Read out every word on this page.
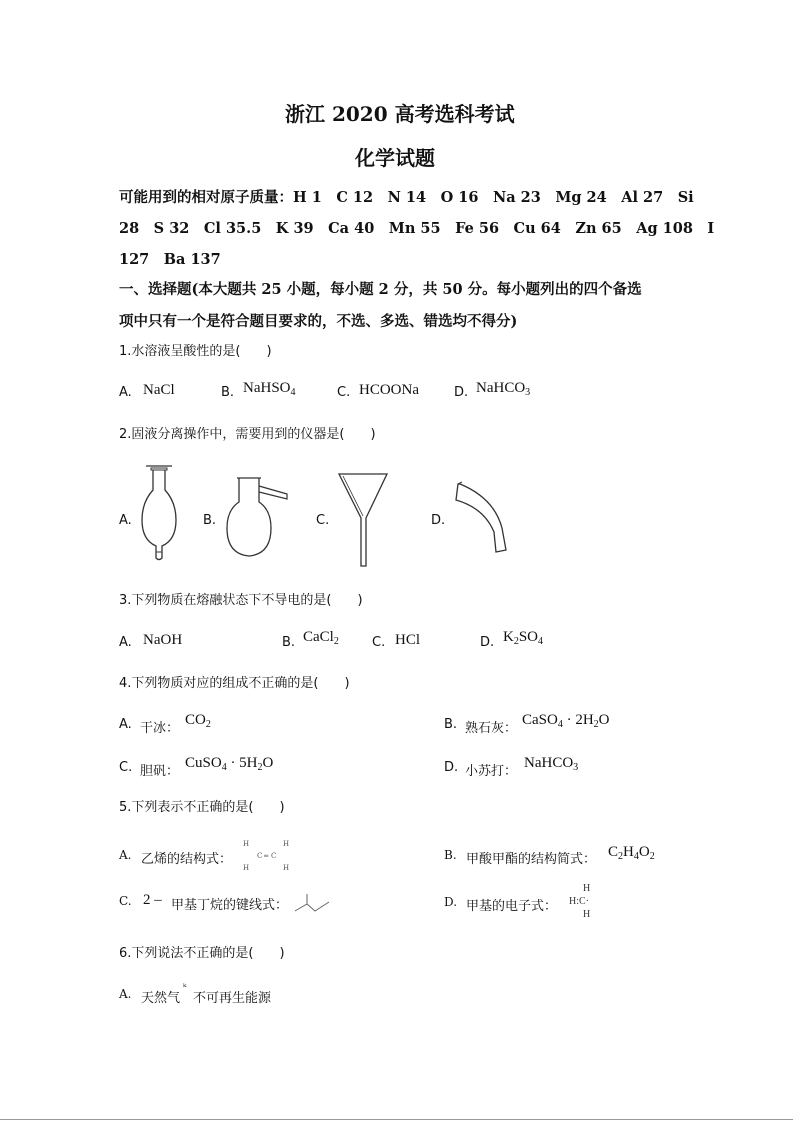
浙江 2020 高考选科考试
化学试题
可能用到的相对原子质量：H 1　C 12　N 14　O 16　Na 23　Mg 24　Al 27　Si
28　S 32　Cl 35.5　K 39　Ca 40　Mn 55　Fe 56　Cu 64　Zn 65　Ag 108　I
127　Ba 137
一、选择题(本大题共 25 小题，每小题 2 分，共 50 分。每小题列出的四个备选
项中只有一个是符合题目要求的，不选、多选、错选均不得分)
1.水溶液呈酸性的是(　　)
A. NaCl	B. NaHSO$_4$	C. HCOONa	D. NaHCO$_3$
2.固液分离操作中，需要用到的仪器是(　　)
A.	B.	C.	D.
3.下列物质在熔融状态下不导电的是(　　)
A. NaOH	B. CaCl$_2$	C. HCl	D. $K_2SO_4$
4.下列物质对应的组成不正确的是(　　)
A. 干冰：
$CO_2$	B. 熟石灰：
CaSO$_4$ · $2H_2O$
C. 胆矾：
CuSO$_4$ · $5H_2O$	D. 小苏打：
NaHCO$_3$
5.下列表示不正确的是(　　)
A. 乙烯的结构式：
H	H
C ═ C
H	H
B. 甲酸甲酯的结构简式： $C_2H_4O_2$
C. 2 – 甲基丁烷的键线式：	D. 甲基的电子式：
H
H:C·
H
6.下列说法不正确的是(　　)
A. 天然气
ᵏ
不可再生能源
